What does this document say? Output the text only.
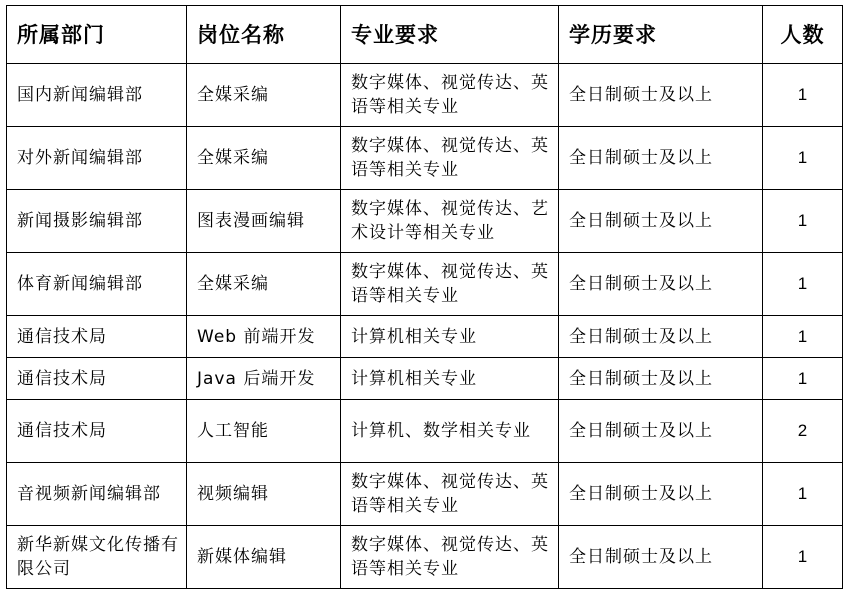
所属部门	岗位名称	专业要求	学历要求	人数
国内新闻编辑部	全媒采编	数字媒体、视觉传达、英语等相关专业	全日制硕士及以上	1
对外新闻编辑部	全媒采编	数字媒体、视觉传达、英语等相关专业	全日制硕士及以上	1
新闻摄影编辑部	图表漫画编辑	数字媒体、视觉传达、艺术设计等相关专业	全日制硕士及以上	1
体育新闻编辑部	全媒采编	数字媒体、视觉传达、英语等相关专业	全日制硕士及以上	1
通信技术局	Web 前端开发	计算机相关专业	全日制硕士及以上	1
通信技术局	Java 后端开发	计算机相关专业	全日制硕士及以上	1
通信技术局	人工智能	计算机、数学相关专业	全日制硕士及以上	2
音视频新闻编辑部	视频编辑	数字媒体、视觉传达、英语等相关专业	全日制硕士及以上	1
新华新媒文化传播有限公司	新媒体编辑	数字媒体、视觉传达、英语等相关专业	全日制硕士及以上	1
